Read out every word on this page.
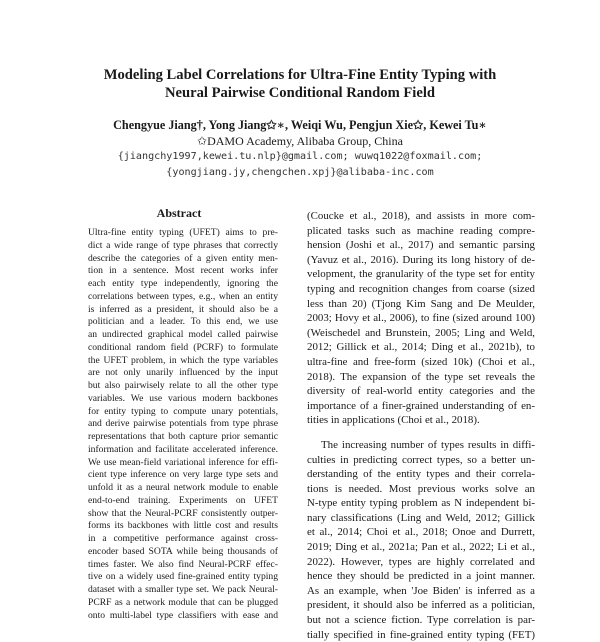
Modeling Label Correlations for Ultra-Fine Entity Typing with
Neural Pairwise Conditional Random Field
Chengyue Jiang†, Yong Jiang✩∗, Weiqi Wu, Pengjun Xie✩, Kewei Tu∗
✩DAMO Academy, Alibaba Group, China
{jiangchy1997,kewei.tu.nlp}@gmail.com; wuwq1022@foxmail.com;
{yongjiang.jy,chengchen.xpj}@alibaba-inc.com
Abstract
Ultra-fine entity typing (UFET) aims to pre-
dict a wide range of type phrases that correctly
describe the categories of a given entity men-
tion in a sentence. Most recent works infer
each entity type independently, ignoring the
correlations between types, e.g., when an entity
is inferred as a president, it should also be a
politician and a leader. To this end, we use
an undirected graphical model called pairwise
conditional random field (PCRF) to formulate
the UFET problem, in which the type variables
are not only unarily influenced by the input
but also pairwisely relate to all the other type
variables. We use various modern backbones
for entity typing to compute unary potentials,
and derive pairwise potentials from type phrase
representations that both capture prior semantic
information and facilitate accelerated inference.
We use mean-field variational inference for effi-
cient type inference on very large type sets and
unfold it as a neural network module to enable
end-to-end training. Experiments on UFET
show that the Neural-PCRF consistently outper-
forms its backbones with little cost and results
in a competitive performance against cross-
encoder based SOTA while being thousands of
times faster. We also find Neural-PCRF effec-
tive on a widely used fine-grained entity typing
dataset with a smaller type set. We pack Neural-
PCRF as a network module that can be plugged
onto multi-label type classifiers with ease and
(Coucke et al., 2018), and assists in more com-
plicated tasks such as machine reading compre-
hension (Joshi et al., 2017) and semantic parsing
(Yavuz et al., 2016). During its long history of de-
velopment, the granularity of the type set for entity
typing and recognition changes from coarse (sized
less than 20) (Tjong Kim Sang and De Meulder,
2003; Hovy et al., 2006), to fine (sized around 100)
(Weischedel and Brunstein, 2005; Ling and Weld,
2012; Gillick et al., 2014; Ding et al., 2021b), to
ultra-fine and free-form (sized 10k) (Choi et al.,
2018). The expansion of the type set reveals the
diversity of real-world entity categories and the
importance of a finer-grained understanding of en-
tities in applications (Choi et al., 2018).
The increasing number of types results in diffi-
culties in predicting correct types, so a better un-
derstanding of the entity types and their correla-
tions is needed. Most previous works solve an
N-type entity typing problem as N independent bi-
nary classifications (Ling and Weld, 2012; Gillick
et al., 2014; Choi et al., 2018; Onoe and Durrett,
2019; Ding et al., 2021a; Pan et al., 2022; Li et al.,
2022). However, types are highly correlated and
hence they should be predicted in a joint manner.
As an example, when 'Joe Biden' is inferred as a
president, it should also be inferred as a politician,
but not a science fiction. Type correlation is par-
tially specified in fine-grained entity typing (FET)
